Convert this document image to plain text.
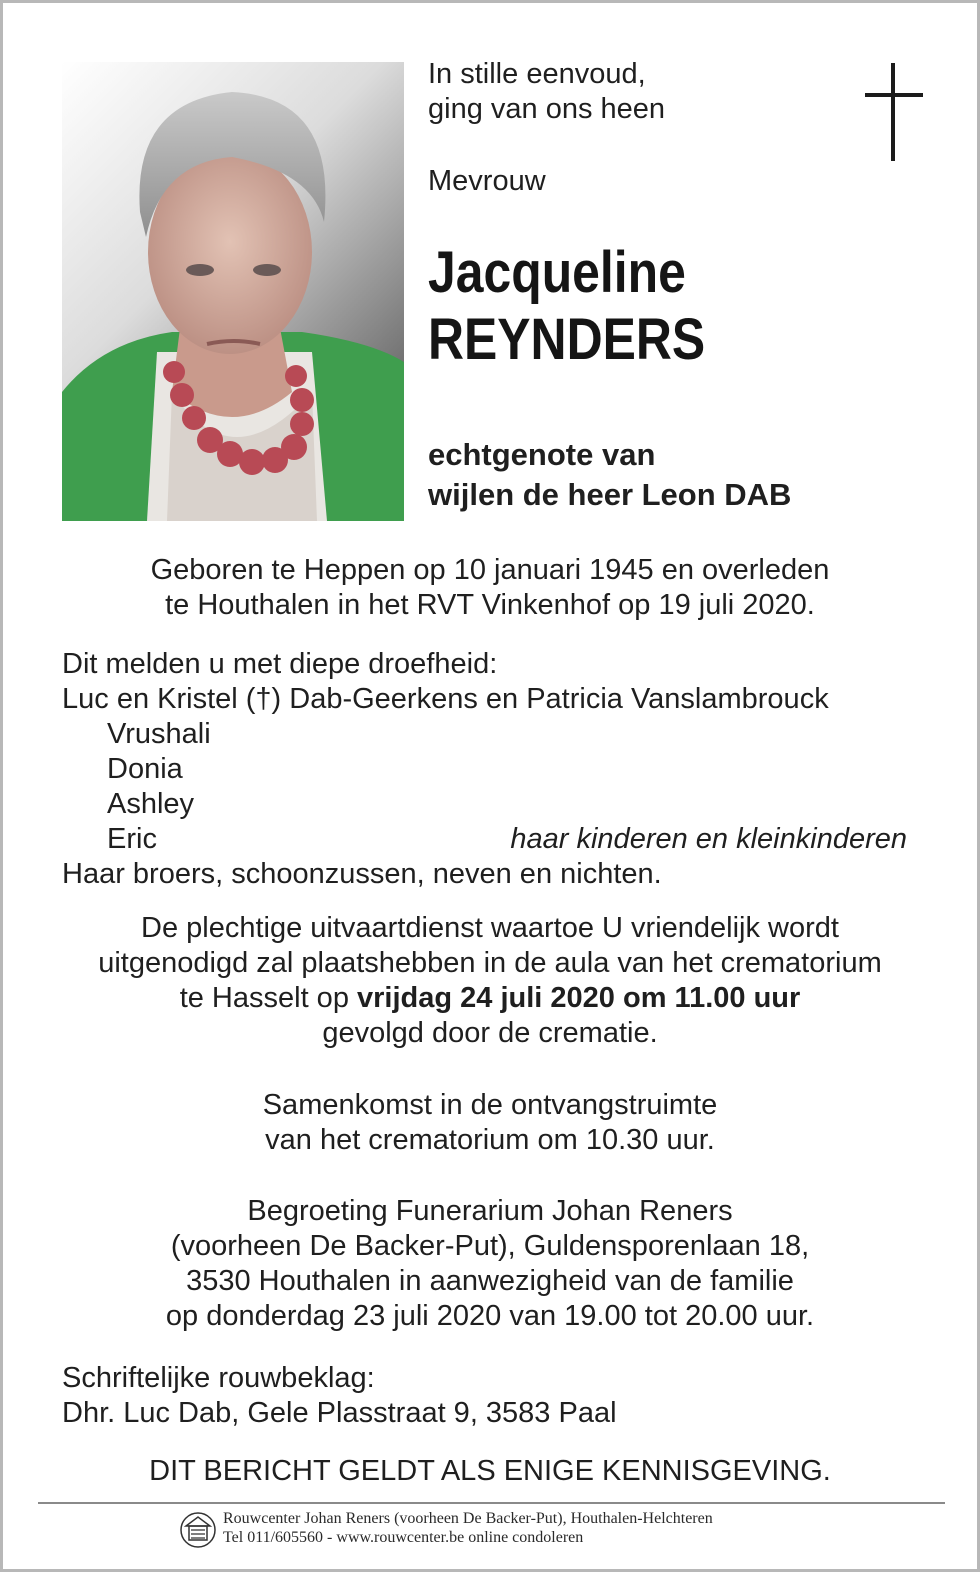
In stille eenvoud,
ging van ons heen
Mevrouw
Jacqueline
REYNDERS
echtgenote van
wijlen de heer Leon DAB
Geboren te Heppen op 10 januari 1945 en overleden
te Houthalen in het RVT Vinkenhof op 19 juli 2020.
Dit melden u met diepe droefheid:
Luc en Kristel (†) Dab-Geerkens en Patricia Vanslambrouck
Vrushali
Donia
Ashley
Eric	haar kinderen en kleinkinderen
Haar broers, schoonzussen, neven en nichten.
De plechtige uitvaartdienst waartoe U vriendelijk wordt
uitgenodigd zal plaatshebben in de aula van het crematorium
te Hasselt op vrijdag 24 juli 2020 om 11.00 uur
gevolgd door de crematie.
Samenkomst in de ontvangstruimte
van het crematorium om 10.30 uur.
Begroeting Funerarium Johan Reners
(voorheen De Backer-Put), Guldensporenlaan 18,
3530 Houthalen in aanwezigheid van de familie
op donderdag 23 juli 2020 van 19.00 tot 20.00 uur.
Schriftelijke rouwbeklag:
Dhr. Luc Dab, Gele Plasstraat 9, 3583 Paal
DIT BERICHT GELDT ALS ENIGE KENNISGEVING.
Rouwcenter Johan Reners (voorheen De Backer-Put), Houthalen-Helchteren
Tel 011/605560 - www.rouwcenter.be online condoleren
